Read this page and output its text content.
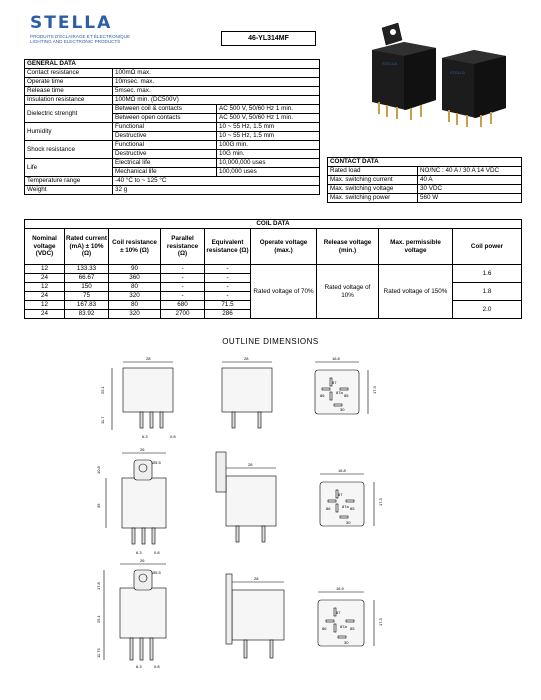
STELLA
PRODUITS D'ÉCLAIRAGE ET ÉLECTRONIQUE
LIGHTING AND ELECTRONIC PRODUCTS	46-YL314MF
STELLA
STELLA
GENERAL DATA		
Contact resistance	100mΩ max.	
Operate time	10msec. max.	
Release time	5msec. max.	
Insulation resistance	100MΩ min. (DC500V)	
Dielectric strenght	Between coil & contacts	AC 500 V, 50/60 Hz 1 min.
	Between open contacts	AC 500 V, 50/60 Hz 1 min.
Humidity	Functional	10 ~ 55 Hz, 1.5 mm
	Destructive	10 ~ 55 Hz, 1.5 mm
Shock resistance	Functional	100G min.
	Destructive	10G min.
Life	Electrical life	10,000,000 uses
	Mechanical life	100,000 uses
Temperature range	-40 °C to ~ 125 °C	
Weight	32 g	
CONTACT DATA	
Rated load	NO/NC : 40 A / 30 A 14 VDC
Max. switching current	40 A
Max. switching voltage	30 VDC
Max. switching power	560 W
COIL DATA								
Nominal voltage (VDC)	Rated current (mA) ± 10% (Ω)	Coil resistance ± 10% (Ω)	Parallel resistance (Ω)	Equivalent resistance (Ω)	Operate voltage (max.)	Release voltage (min.)	Max. permissible voltage	Coil power
12	133.33	90	-	-	Rated voltage of 70%	Rated voltage of 10%	Rated voltage of 150%	1.6
24	66.67	360	-	-				
12	150	80	-	-				1.8
24	75	320	-	-				
12	167.83	80	680	71.5				2.0
24	83.92	320	2700	286				
OUTLINE DIMENSIONS
28
25.1
11.7
6.3	0.8
28	16.8
17.3
87
87a
86	85
30
26
Ø5.5
35
10.8
6.3	0.8
28
16.8
17.3
87
87a
86	85
30
26
Ø5.5
17.8
25.1
11.75
6.3	0.8
28
16.9
17.3
87
87a
86	85
30
